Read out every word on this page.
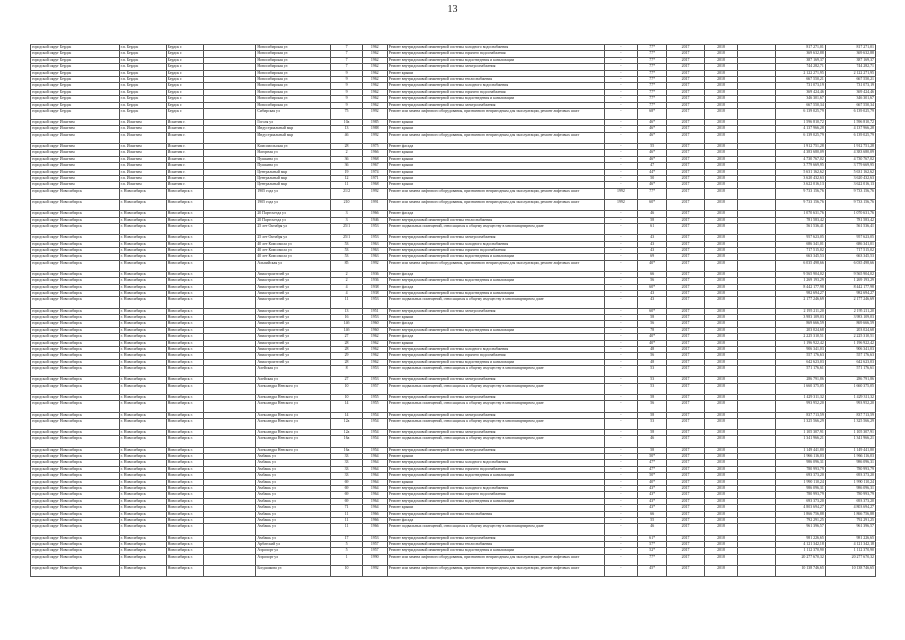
13
городской округ Бердск	г.п. Бердск	Бердск г.		Новосибирская ул	7	1962	Ремонт внутридомовой инженерной системы холодного водоснабжения	-	77*	2017	2018		817 271,01	817 271,01
городской округ Бердск	г.п. Бердск	Бердск г.		Новосибирская ул	7	1962	Ремонт внутридомовой инженерной системы горячего водоснабжения	-	77*	2017	2018		369 632,88	369 632,88
городской округ Бердск	г.п. Бердск	Бердск г.		Новосибирская ул	7	1962	Ремонт внутридомовой инженерной системы водоотведения и канализации	-	77*	2017	2018		387 169,37	387 169,37
городской округ Бердск	г.п. Бердск	Бердск г.		Новосибирская ул	7	1962	Ремонт внутридомовой инженерной системы электроснабжения	-	77*	2017	2018		744 282,71	744 282,71
городской округ Бердск	г.п. Бердск	Бердск г.		Новосибирская ул	9	1962	Ремонт крыши	-	77*	2017	2018		2 122 271,95	2 122 271,95
городской округ Бердск	г.п. Бердск	Бердск г.		Новосибирская ул	9	1962	Ремонт внутридомовой инженерной системы теплоснабжения	-	77*	2017	2018		667 550,21	667 550,21
городской округ Бердск	г.п. Бердск	Бердск г.		Новосибирская ул	9	1962	Ремонт внутридомовой инженерной системы холодного водоснабжения	-	77*	2017	2018		731 073,19	731 073,19
городской округ Бердск	г.п. Бердск	Бердск г.		Новосибирская ул	9	1962	Ремонт внутридомовой инженерной системы горячего водоснабжения	-	77*	2017	2018		369 424,46	369 424,46
городской округ Бердск	г.п. Бердск	Бердск г.		Новосибирская ул	9	1962	Ремонт внутридомовой инженерной системы водоотведения и канализации	-	77*	2017	2018		346 301,67	346 301,67
городской округ Бердск	г.п. Бердск	Бердск г.		Новосибирская ул	9	1962	Ремонт внутридомовой инженерной системы электроснабжения	-	77*	2017	2018		667 550,34	667 550,34
городской округ Бердск	г.п. Бердск	Бердск г.		Сибирская ул	75	1992	Ремонт или замена лифтового оборудования, признанного непригодным для эксплуатации, ремонт лифтовых шахт	-	68*	2017	2018		6 139 025,79	6 139 025,79
городской округ Искитим	г.п. Искитим	Искитим г.		Гоголя ул	10а	1985	Ремонт крыши	-	46*	2017	2018		1 596 810,72	1 596 810,72
городской округ Искитим	г.п. Искитим	Искитим г.		Индустриальный мкр	13	1988	Ремонт крыши	-	46*	2017	2018		4 137 966,28	4 137 966,28
городской округ Искитим	г.п. Искитим	Искитим г.		Индустриальный мкр	46	1992	Ремонт или замена лифтового оборудования, признанного непригодным для эксплуатации, ремонт лифтовых шахт	-	46*	2017	2018		6 139 025,79	6 139 025,79
городской округ Искитим	г.п. Искитим	Искитим г.		Комсомольская ул	28	1975	Ремонт фасада	-	55	2017	2018		1 912 751,28	1 912 751,28
городской округ Искитим	г.п. Искитим	Искитим г.		Нагорная ул	2	1966	Ремонт крыши	-	46*	2017	2018		4 383 680,09	4 383 680,09
городской округ Искитим	г.п. Искитим	Искитим г.		Пушкина ул	36	1968	Ремонт крыши	-	46*	2017	2018		4 730 767,02	4 730 767,02
городской округ Искитим	г.п. Искитим	Искитим г.		Пушкина ул	36	1967	Ремонт крыши	-	47	2017	2018		3 779 669,95	3 779 669,95
городской округ Искитим	г.п. Искитим	Искитим г.		Центральный мкр	19	1974	Ремонт крыши	-	44*	2017	2018		5 631 162,62	5 631 162,62
городской округ Искитим	г.п. Искитим	Искитим г.		Центральный мкр	12	1971	Ремонт крыши	-	50	2017	2018		3 620 432,63	3 620 432,63
городской округ Искитим	г.п. Искитим	Искитим г.		Центральный мкр	11	1968	Ремонт крыши	-	46*	2017	2018		3 622 016,13	3 622 016,13
городской округ Новосибирск	г. Новосибирск	Новосибирск г.		1905 года ул	21/2	1992	Ремонт или замена лифтового оборудования, признанного непригодным для эксплуатации, ремонт лифтовых шахт	1992	77*	2017	2018		9 733 156,76	9 733 156,76
городской округ Новосибирск	г. Новосибирск	Новосибирск г.		1905 года ул	210	1991	Ремонт или замена лифтового оборудования, признанного непригодным для эксплуатации, ремонт лифтовых шахт	1992	60*	2017	2018		9 733 156,76	9 733 156,76
городской округ Новосибирск	г. Новосибирск	Новосибирск г.		20 Партсъезда ул	3	1966	Ремонт фасада	-	46	2017	2018		1 070 631,76	1 070 631,76
городской округ Новосибирск	г. Новосибирск	Новосибирск г.		20 Партсъезда ул	3	1946	Ремонт внутридомовой инженерной системы теплоснабжения	-	58	2017	2018		781 583,42	781 583,42
городской округ Новосибирск	г. Новосибирск	Новосибирск г.		25 лет Октября ул	25/1	1953	Ремонт подвальных помещений, относящихся к общему имуществу в многоквартирном доме	-	61	2017	2018		561 536,41	561 536,41
городской округ Новосибирск	г. Новосибирск	Новосибирск г.		25 лет Октября ул	25/1	1953	Ремонт внутридомовой инженерной системы электроснабжения	-	43	2017	2018		957 623,05	957 623,05
городской округ Новосибирск	г. Новосибирск	Новосибирск г.		40 лет Комсомола ул	53	1963	Ремонт внутридомовой инженерной системы холодного водоснабжения	-	43	2017	2018		686 341,01	686 341,01
городской округ Новосибирск	г. Новосибирск	Новосибирск г.		40 лет Комсомола ул	53	1963	Ремонт внутридомовой инженерной системы горячего водоснабжения	-	43	2017	2018		717 515,02	717 515,02
городской округ Новосибирск	г. Новосибирск	Новосибирск г.		40 лет Комсомола ул	53	1963	Ремонт внутридомовой инженерной системы водоотведения и канализации	-	69	2017	2018		663 345,53	663 345,53
городской округ Новосибирск	г. Новосибирск	Новосибирск г.		Альпийская ул	85	1992	Ремонт или замена лифтового оборудования, признанного непригодным для эксплуатации, ремонт лифтовых шахт	-	40*	2017	2018		6 035 498,66	6 035 498,66
городской округ Новосибирск	г. Новосибирск	Новосибирск г.		Авиастроителей ул	2	1936	Ремонт фасада	-	66	2017	2018		9 565 904,02	9 565 904,02
городской округ Новосибирск	г. Новосибирск	Новосибирск г.		Авиастроителей ул	2	1936	Ремонт внутридомовой инженерной системы водоотведения и канализации	-	56	2017	2018		1 269 193,29	1 269 193,29
городской округ Новосибирск	г. Новосибирск	Новосибирск г.		Авиастроителей ул	4	1938	Ремонт фасада	-	60*	2017	2018		8 442 177,98	8 442 177,98
городской округ Новосибирск	г. Новосибирск	Новосибирск г.		Авиастроителей ул	4	1938	Ремонт внутридомовой инженерной системы водоотведения и канализации	-	43	2017	2018		982 694,27	982 694,27
городской округ Новосибирск	г. Новосибирск	Новосибирск г.		Авиастроителей ул	11	1953	Ремонт подвальных помещений, относящихся к общему имуществу в многоквартирном доме	-	43	2017	2018		2 177 246,69	2 177 246,69
городской округ Новосибирск	г. Новосибирск	Новосибирск г.		Авиастроителей ул	13	1951	Ремонт внутридомовой инженерной системы электроснабжения	-	60*	2017	2018		2 195 211,20	2 195 211,20
городской округ Новосибирск	г. Новосибирск	Новосибирск г.		Авиастроителей ул	16	1953	Ремонт крыши	-	58	2017	2018		3 983 109,03	3 983 109,03
городской округ Новосибирск	г. Новосибирск	Новосибирск г.		Авиастроителей ул	14б	1960	Ремонт фасада	-	56	2017	2018		869 666,59	869 666,59
городской округ Новосибирск	г. Новосибирск	Новосибирск г.		Авиастроителей ул	14б	1960	Ремонт внутридомовой инженерной системы водоотведения и канализации	-	78	2017	2018		203 024,68	203 024,68
городской округ Новосибирск	г. Новосибирск	Новосибирск г.		Авиастроителей ул	27	1962	Ремонт фасада	-	40*	2017	2018		2 225 310,51	2 225 310,51
городской округ Новосибирск	г. Новосибирск	Новосибирск г.		Авиастроителей ул	28	1962	Ремонт крыши	-	40*	2017	2018		1 196 922,42	1 196 922,42
городской округ Новосибирск	г. Новосибирск	Новосибирск г.		Авиастроителей ул	28	1962	Ремонт внутридомовой инженерной системы холодного водоснабжения	-	48	2017	2018		906 341,03	906 341,03
городской округ Новосибирск	г. Новосибирск	Новосибирск г.		Авиастроителей ул	29	1962	Ремонт внутридомовой инженерной системы горячего водоснабжения	-	56	2017	2018		557 176,63	557 176,63
городской округ Новосибирск	г. Новосибирск	Новосибирск г.		Авиастроителей ул	28	1962	Ремонт внутридомовой инженерной системы водоотведения и канализации	-	48	2017	2018		642 623,03	642 623,03
городской округ Новосибирск	г. Новосибирск	Новосибирск г.		Алейская ул	8	1953	Ремонт подвальных помещений, относящихся к общему имуществу в многоквартирном доме	-	53	2017	2018		571 176,61	571 176,61
городской округ Новосибирск	г. Новосибирск	Новосибирск г.		Алейская ул	27	1953	Ремонт внутридомовой инженерной системы электроснабжения	-	53	2017	2018		286 791,86	286 791,86
городской округ Новосибирск	г. Новосибирск	Новосибирск г.		Александра Невского ул	10	1957	Ремонт подвальных помещений, относящихся к общему имуществу в многоквартирном доме	-	53	2017	2018		1 660 375,05	1 660 375,05
городской округ Новосибирск	г. Новосибирск	Новосибирск г.		Александра Невского ул	10	1955	Ремонт внутридомовой инженерной системы электроснабжения	-	58	2017	2018		1 429 311,32	1 429 311,32
городской округ Новосибирск	г. Новосибирск	Новосибирск г.		Александра Невского ул	14	1955	Ремонт подвальных помещений, относящихся к общему имуществу в многоквартирном доме	-	56	2017	2018		993 952,20	993 952,20
городской округ Новосибирск	г. Новосибирск	Новосибирск г.		Александра Невского ул	14	1954	Ремонт внутридомовой инженерной системы электроснабжения	-	58	2017	2018		837 713,59	837 713,59
городской округ Новосибирск	г. Новосибирск	Новосибирск г.		Александра Невского ул	12а	1954	Ремонт подвальных помещений, относящихся к общему имуществу в многоквартирном доме	-	53	2017	2018		1 325 566,29	1 325 566,29
городской округ Новосибирск	г. Новосибирск	Новосибирск г.		Александра Невского ул	12а	1954	Ремонт внутридомовой инженерной системы электроснабжения	-	58	2017	2018		1 105 307,91	1 105 307,91
городской округ Новосибирск	г. Новосибирск	Новосибирск г.		Александра Невского ул	16а	1954	Ремонт подвальных помещений, относящихся к общему имуществу в многоквартирном доме	-	46	2017	2018		1 341 966,21	1 341 966,21
городской округ Новосибирск	г. Новосибирск	Новосибирск г.		Александра Невского ул	16а	1954	Ремонт внутридомовой инженерной системы электроснабжения	-	58	2017	2018		1 149 441,80	1 149 441,80
городской округ Новосибирск	г. Новосибирск	Новосибирск г.		Амбашь ул	33	1964	Ремонт крыши	-	50*	2017	2018		1 966 116,03	1 966 116,03
городской округ Новосибирск	г. Новосибирск	Новосибирск г.		Амбашь ул	33	1964	Ремонт внутридомовой инженерной системы холодного водоснабжения	-	47*	2017	2018		986 096,31	986 096,31
городской округ Новосибирск	г. Новосибирск	Новосибирск г.		Амбашь ул	33	1964	Ремонт внутридомовой инженерной системы горячего водоснабжения	-	47*	2017	2018		780 993,79	780 993,79
городской округ Новосибирск	г. Новосибирск	Новосибирск г.		Амбашь ул	33	1964	Ремонт внутридомовой инженерной системы водоотведения и канализации	-	50*	2017	2018		693 373,20	693 373,20
городской округ Новосибирск	г. Новосибирск	Новосибирск г.		Амбашь ул	69	1964	Ремонт крыши	-	40*	2017	2018		1 990 110,24	1 990 110,24
городской округ Новосибирск	г. Новосибирск	Новосибирск г.		Амбашь ул	69	1964	Ремонт внутридомовой инженерной системы холодного водоснабжения	-	43*	2017	2018		986 096,31	986 096,31
городской округ Новосибирск	г. Новосибирск	Новосибирск г.		Амбашь ул	69	1964	Ремонт внутридомовой инженерной системы горячего водоснабжения	-	43*	2017	2018		780 993,79	780 993,79
городской округ Новосибирск	г. Новосибирск	Новосибирск г.		Амбашь ул	69	1964	Ремонт внутридомовой инженерной системы водоотведения и канализации	-	43*	2017	2018		693 373,20	693 373,20
городской округ Новосибирск	г. Новосибирск	Новосибирск г.		Амбашь ул	71	1964	Ремонт крыши	-	43*	2017	2018		4 803 694,27	4 803 694,27
городской округ Новосибирск	г. Новосибирск	Новосибирск г.		Амбашь ул	11	1966	Ремонт внутридомовой инженерной системы теплоснабжения	-	66	2017	2018		1 866 756,88	1 866 756,88
городской округ Новосибирск	г. Новосибирск	Новосибирск г.		Амбашь ул	11	1966	Ремонт фасада	-	55	2017	2018		792 291,25	792 291,25
городской округ Новосибирск	г. Новосибирск	Новосибирск г.		Амбашь ул	11	1966	Ремонт подвальных помещений, относящихся к общему имуществу в многоквартирном доме	-	46	2017	2018		961 396,57	961 396,57
городской округ Новосибирск	г. Новосибирск	Новосибирск г.		Амбашь ул	17	1953	Ремонт внутридомовой инженерной системы электроснабжения	-	61*	2017	2018		981 226,65	981 226,65
городской округ Новосибирск	г. Новосибирск	Новосибирск г.		Арбатский ул	5	1957	Ремонт внутридомовой инженерной системы теплоснабжения	-	57*	2017	2018		4 121 342,18	4 121 342,18
городской округ Новосибирск	г. Новосибирск	Новосибирск г.		Аэропорт ул	5	1957	Ремонт внутридомовой инженерной системы водоотведения и канализации	-	52*	2017	2018		1 112 370,90	1 112 370,90
городской округ Новосибирск	г. Новосибирск	Новосибирск г.		Аэропорт ул	1	1990	Ремонт или замена лифтового оборудования, признанного непригодным для эксплуатации, ремонт лифтовых шахт	-	77*	2017	2018		20 277 670,32	20 277 670,32
городской округ Новосибирск	г. Новосибирск	Новосибирск г.		Богдашкова ул	10	1992	Ремонт или замена лифтового оборудования, признанного непригодным для эксплуатации, ремонт лифтовых шахт	-	45*	2017	2018		10 138 746,65	10 138 746,65
